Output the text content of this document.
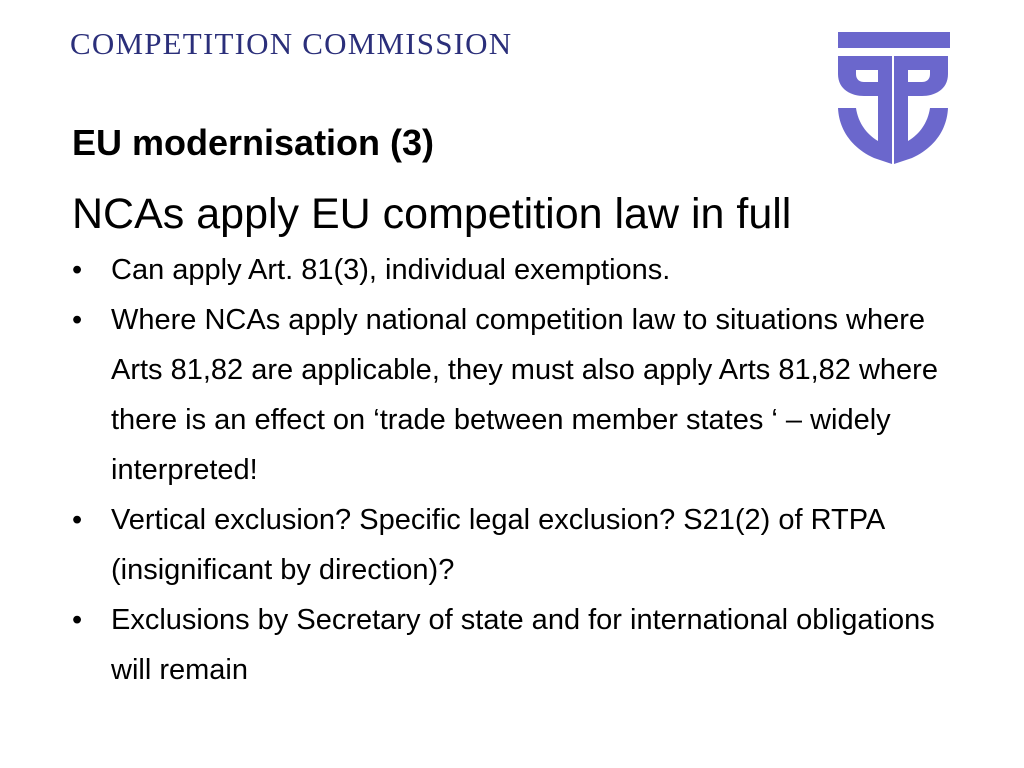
COMPETITION COMMISSION
EU modernisation (3)
NCAs apply EU competition law in full
• Can apply Art. 81(3), individual exemptions.
• Where NCAs apply national competition law to situations where Arts 81,82 are applicable, they must also apply Arts 81,82 where there is an effect on ‘trade between member states ‘ – widely interpreted!
• Vertical exclusion? Specific legal exclusion? S21(2) of RTPA (insignificant by direction)?
• Exclusions by Secretary of state and for international obligations will remain
